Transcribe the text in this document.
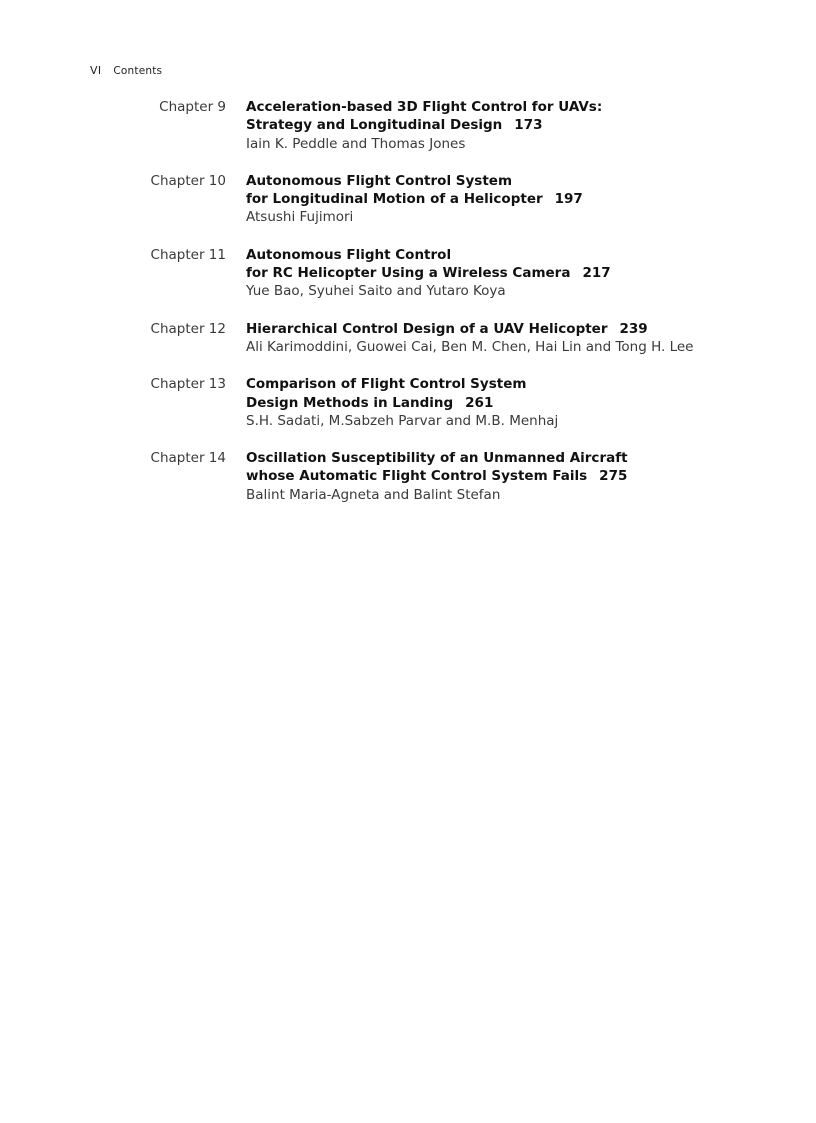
VI Contents
Chapter 9	Acceleration-based 3D Flight Control for UAVs:
Strategy and Longitudinal Design 173
Iain K. Peddle and Thomas Jones
Chapter 10	Autonomous Flight Control System
for Longitudinal Motion of a Helicopter 197
Atsushi Fujimori
Chapter 11	Autonomous Flight Control
for RC Helicopter Using a Wireless Camera 217
Yue Bao, Syuhei Saito and Yutaro Koya
Chapter 12	Hierarchical Control Design of a UAV Helicopter 239
Ali Karimoddini, Guowei Cai, Ben M. Chen, Hai Lin and Tong H. Lee
Chapter 13	Comparison of Flight Control System
Design Methods in Landing 261
S.H. Sadati, M.Sabzeh Parvar and M.B. Menhaj
Chapter 14	Oscillation Susceptibility of an Unmanned Aircraft
whose Automatic Flight Control System Fails 275
Balint Maria-Agneta and Balint Stefan
